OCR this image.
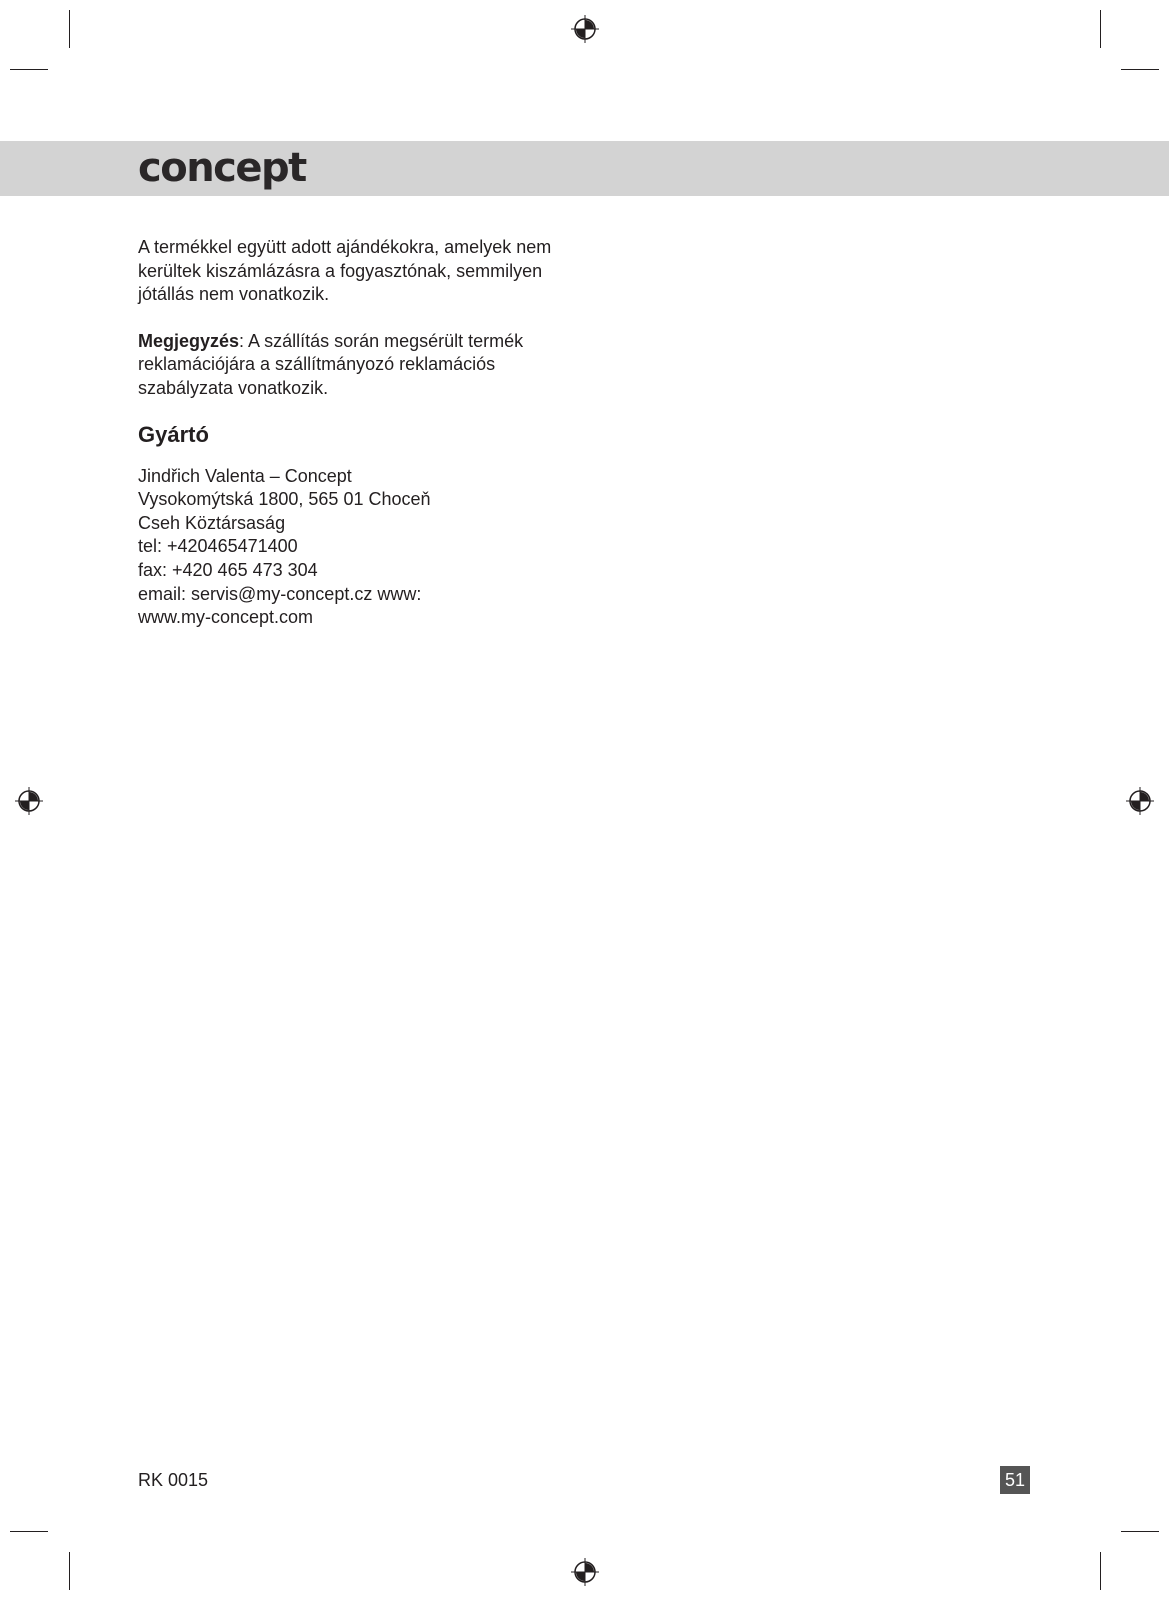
concept

A termékkel együtt adott ajándékokra, amelyek nem kerültek kiszámlázásra a fogyasztónak, semmilyen jótállás nem vonatkozik.

Megjegyzés: A szállítás során megsérült termék reklamációjára a szállítmányozó reklamációs szabályzata vonatkozik.

Gyártó
Jindřich Valenta – Concept
Vysokomýtská 1800, 565 01 Choceň
Cseh Köztársaság
tel: +420465471400
fax: +420 465 473 304
email: servis@my-concept.cz www:
www.my-concept.com
RK 0015	51
